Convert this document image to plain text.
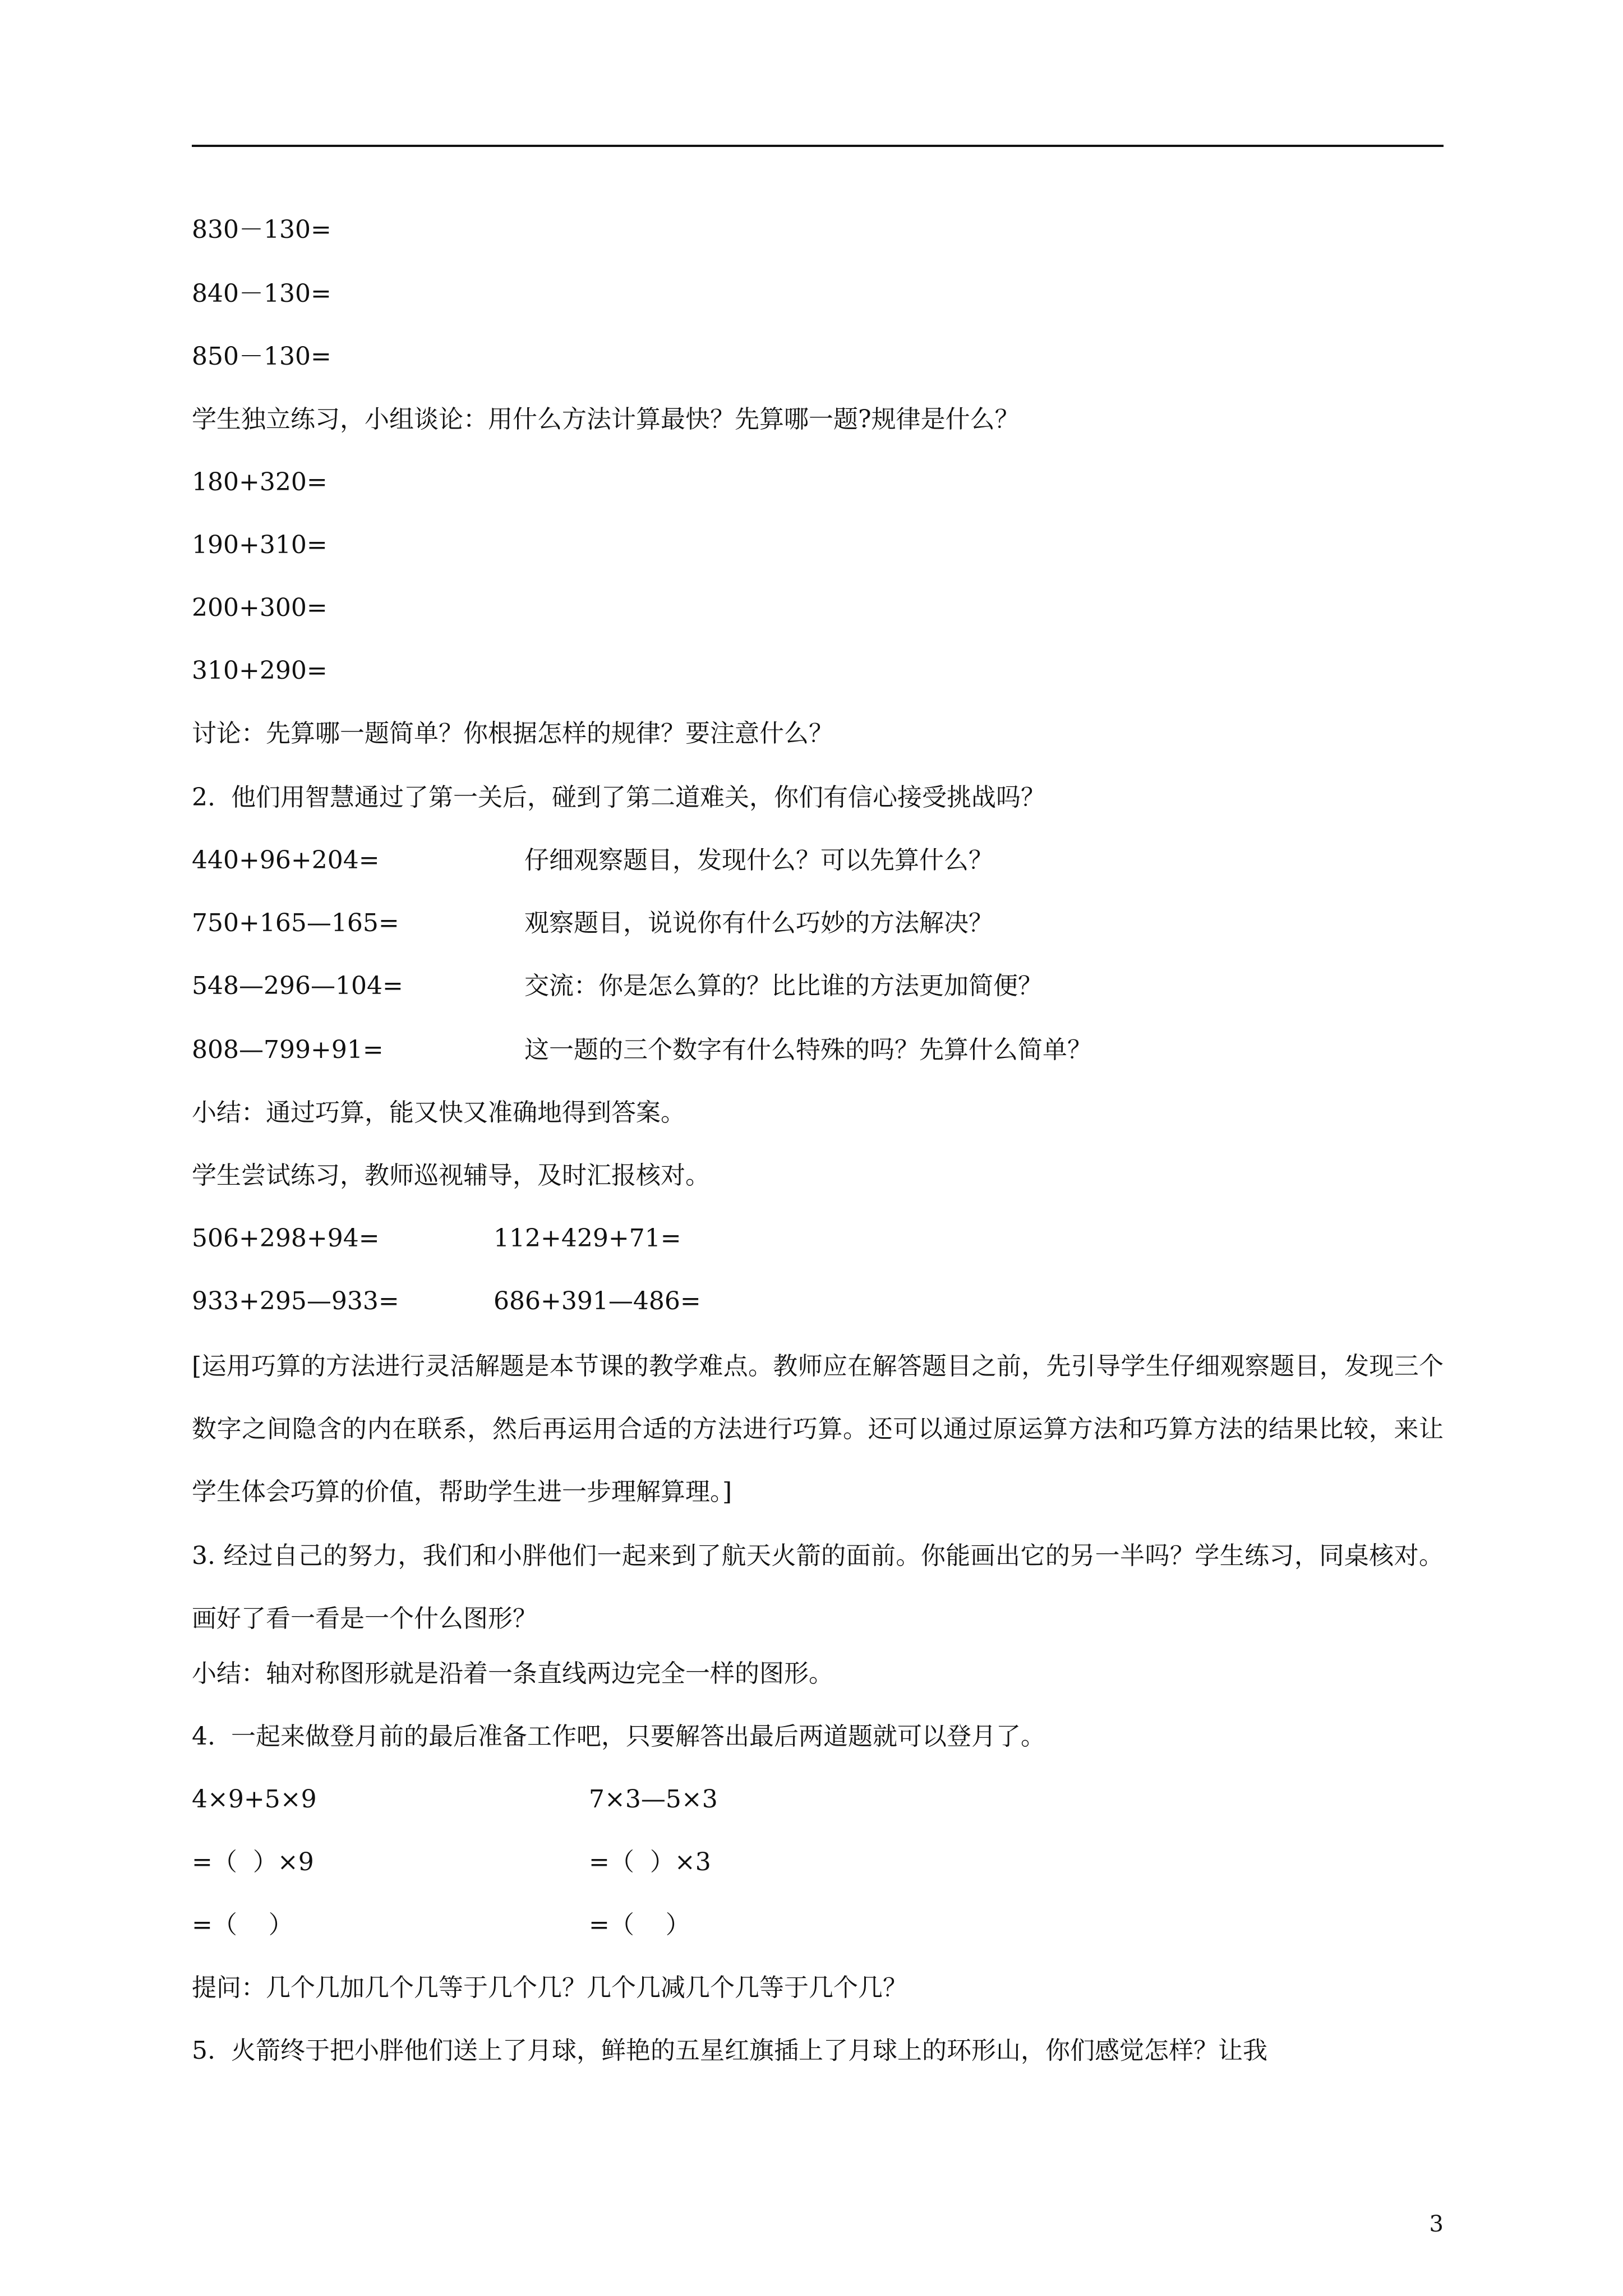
830－130=
840－130=
850－130=
学生独立练习，小组谈论：用什么方法计算最快？先算哪一题?规律是什么？
180+320=
190+310=
200+300=
310+290=
讨论：先算哪一题简单？你根据怎样的规律？要注意什么？
2.  他们用智慧通过了第一关后，碰到了第二道难关，你们有信心接受挑战吗？
440+96+204=	仔细观察题目，发现什么？可以先算什么？
750+165—165=	观察题目，说说你有什么巧妙的方法解决？
548—296—104=	交流：你是怎么算的？比比谁的方法更加简便？
808—799+91=	这一题的三个数字有什么特殊的吗？先算什么简单？
小结：通过巧算，能又快又准确地得到答案。
学生尝试练习，教师巡视辅导，及时汇报核对。
506+298+94=	112+429+71=
933+295—933=	686+391—486=
[运用巧算的方法进行灵活解题是本节课的教学难点。教师应在解答题目之前，先引导学生仔细观察题目，发现三个数字之间隐含的内在联系，然后再运用合适的方法进行巧算。还可以通过原运算方法和巧算方法的结果比较，来让学生体会巧算的价值，帮助学生进一步理解算理。]
3. 经过自己的努力，我们和小胖他们一起来到了航天火箭的面前。你能画出它的另一半吗？学生练习，同桌核对。画好了看一看是一个什么图形？
小结：轴对称图形就是沿着一条直线两边完全一样的图形。
4.  一起来做登月前的最后准备工作吧，只要解答出最后两道题就可以登月了。
4×9+5×9	7×3—5×3
=（  ）×9	=（  ）×3
=（    ）	=（    ）
提问：几个几加几个几等于几个几？几个几减几个几等于几个几？
5.  火箭终于把小胖他们送上了月球，鲜艳的五星红旗插上了月球上的环形山，你们感觉怎样？让我
3
